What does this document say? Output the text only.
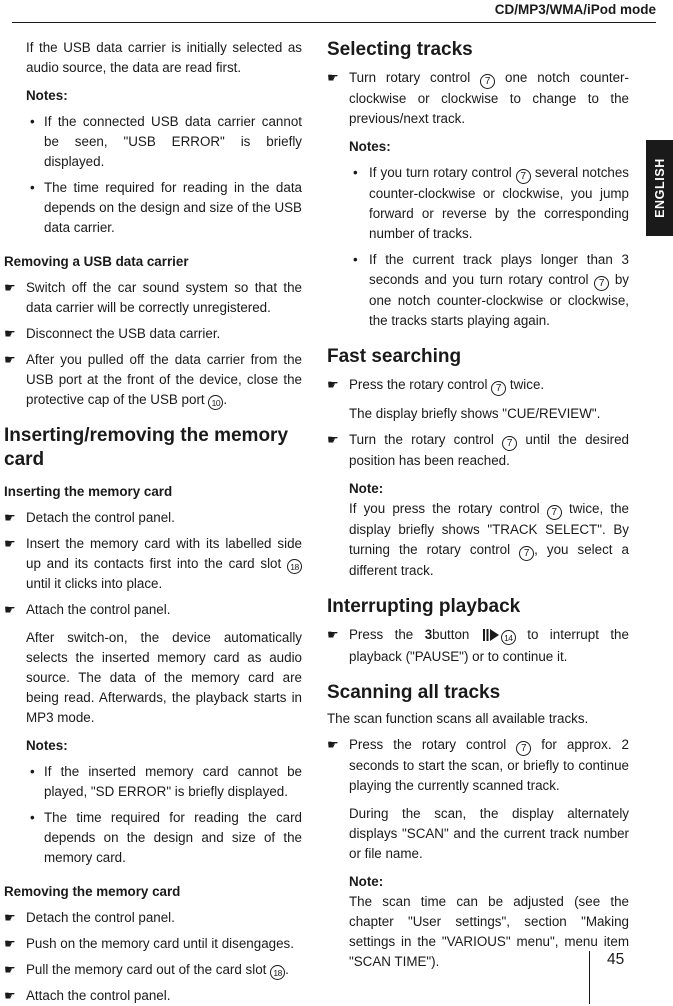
CD/MP3/WMA/iPod mode
ENGLISH

If the USB data carrier is initially selected as audio source, the data are read first.

Notes:
• If the connected USB data carrier cannot be seen, "USB ERROR" is briefly displayed.
• The time required for reading in the data depends on the design and size of the USB data carrier.
Removing a USB data carrier
☛ Switch off the car sound system so that the data carrier will be correctly unregistered.
☛ Disconnect the USB data carrier.
☛ After you pulled off the data carrier from the USB port at the front of the device, close the protective cap of the USB port 10 .
Inserting/removing the memory card
Inserting the memory card
☛ Detach the control panel.
☛ Insert the memory card with its labelled side up and its contacts first into the card slot 18 until it clicks into place.
☛ Attach the control panel.

After switch-on, the device automatically selects the inserted memory card as audio source. The data of the memory card are being read. Afterwards, the playback starts in MP3 mode.

Notes:
• If the inserted memory card cannot be played, "SD ERROR" is briefly displayed.
• The time required for reading the card depends on the design and size of the memory card.
Removing the memory card
☛ Detach the control panel.
☛ Push on the memory card until it disengages.
☛ Pull the memory card out of the card slot 18 .
☛ Attach the control panel.
Selecting tracks
☛ Turn rotary control 7 one notch counter-clockwise or clockwise to change to the previous/next track.
Notes:
• If you turn rotary control 7 several notches counter-clockwise or clockwise, you jump forward or reverse by the corresponding number of tracks.
• If the current track plays longer than 3 seconds and you turn rotary control 7 by one notch counter-clockwise or clockwise, the tracks starts playing again.
Fast searching
☛ Press the rotary control 7 twice.

The display briefly shows "CUE/REVIEW".

☛ Turn the rotary control 7 until the desired position has been reached.
Note:

If you press the rotary control 7 twice, the display briefly shows "TRACK SELECT". By turning the rotary control 7 , you select a different track.

Interrupting playback
☛ Press the 3button	14 to interrupt the playback ("PAUSE") or to continue it.
Scanning all tracks

The scan function scans all available tracks.

☛ Press the rotary control 7 for approx. 2 seconds to start the scan, or briefly to continue playing the currently scanned track.

During the scan, the display alternately displays "SCAN" and the current track number or file name.

Note:

The scan time can be adjusted (see the chapter "User settings", section "Making settings in the "VARIOUS" menu", menu item "SCAN TIME").	45
